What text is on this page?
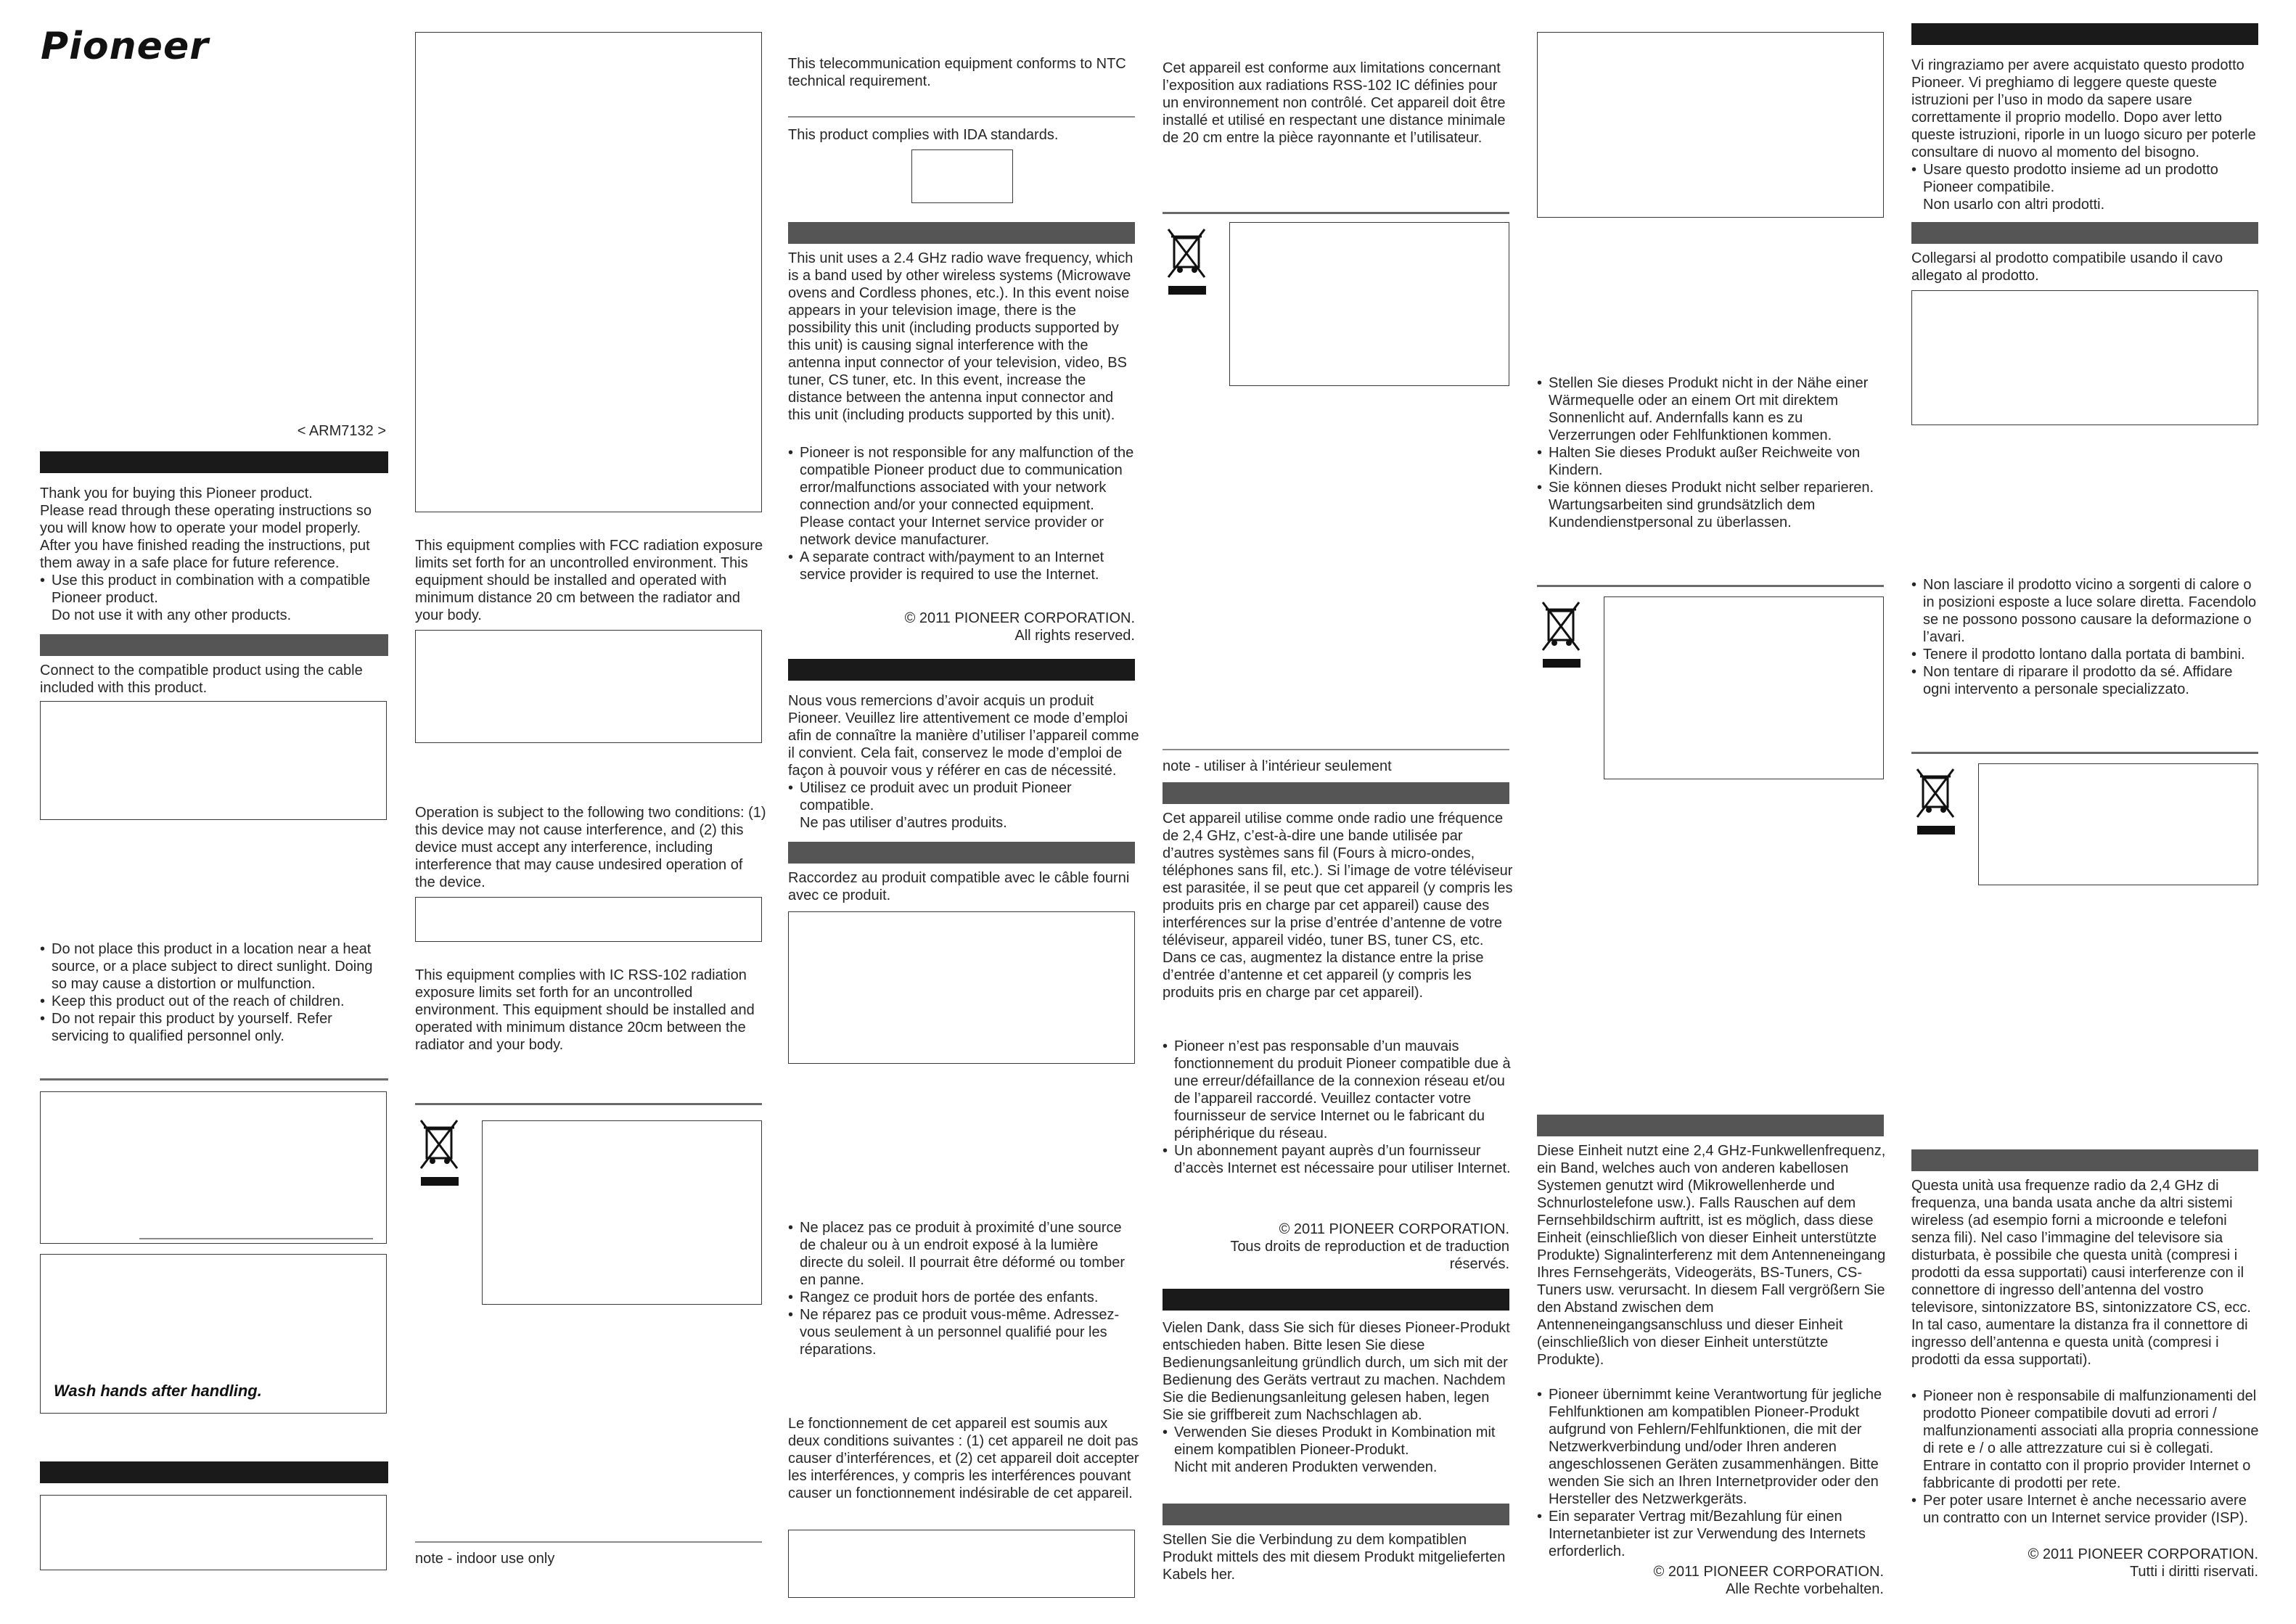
Pioneer
< ARM7132 >

Thank you for buying this Pioneer product.

Please read through these operating instructions so you will know how to operate your model properly.

After you have finished reading the instructions, put them away in a safe place for future reference.

• Use this product in combination with a compatible Pioneer product.
Do not use it with any other products.
Connect to the compatible product using the cable included with this product.
• Do not place this product in a location near a heat source, or a place subject to direct sunlight. Doing so may cause a distortion or mulfunction.
• Keep this product out of the reach of children.
• Do not repair this product by yourself. Refer servicing to qualified personnel only.
Wash hands after handling.
This equipment complies with FCC radiation exposure limits set forth for an uncontrolled environment. This equipment should be installed and operated with minimum distance 20 cm between the radiator and your body.
Operation is subject to the following two conditions: (1) this device may not cause interference, and (2) this device must accept any interference, including interference that may cause undesired operation of the device.
This equipment complies with IC RSS-102 radiation exposure limits set forth for an uncontrolled environment. This equipment should be installed and operated with minimum distance 20cm between the radiator and your body.
note - indoor use only
This telecommunication equipment conforms to NTC technical requirement.
This product complies with IDA standards.
This unit uses a 2.4 GHz radio wave frequency, which is a band used by other wireless systems (Microwave ovens and Cordless phones, etc.). In this event noise appears in your television image, there is the possibility this unit (including products supported by this unit) is causing signal interference with the antenna input connector of your television, video, BS tuner, CS tuner, etc. In this event, increase the distance between the antenna input connector and this unit (including products supported by this unit).
• Pioneer is not responsible for any malfunction of the compatible Pioneer product due to communication error/malfunctions associated with your network connection and/or your connected equipment. Please contact your Internet service provider or network device manufacturer.
• A separate contract with/payment to an Internet service provider is required to use the Internet.

© 2011 PIONEER CORPORATION.

All rights reserved.

Nous vous remercions d’avoir acquis un produit Pioneer. Veuillez lire attentivement ce mode d’emploi afin de connaître la manière d’utiliser l’appareil comme il convient. Cela fait, conservez le mode d’emploi de façon à pouvoir vous y référer en cas de nécessité.

• Utilisez ce produit avec un produit Pioneer compatible.
Ne pas utiliser d’autres produits.
Raccordez au produit compatible avec le câble fourni avec ce produit.
• Ne placez pas ce produit à proximité d’une source de chaleur ou à un endroit exposé à la lumière directe du soleil. Il pourrait être déformé ou tomber en panne.
• Rangez ce produit hors de portée des enfants.
• Ne réparez pas ce produit vous-même. Adressez-vous seulement à un personnel qualifié pour les réparations.
Le fonctionnement de cet appareil est soumis aux deux conditions suivantes : (1) cet appareil ne doit pas causer d’interférences, et (2) cet appareil doit accepter les interférences, y compris les interférences pouvant causer un fonctionnement indésirable de cet appareil.
Cet appareil est conforme aux limitations concernant l’exposition aux radiations RSS-102 IC définies pour un environnement non contrôlé. Cet appareil doit être installé et utilisé en respectant une distance minimale de 20 cm entre la pièce rayonnante et l’utilisateur.
note - utiliser à l’intérieur seulement
Cet appareil utilise comme onde radio une fréquence de 2,4 GHz, c’est-à-dire une bande utilisée par d’autres systèmes sans fil (Fours à micro-ondes, téléphones sans fil, etc.). Si l’image de votre téléviseur est parasitée, il se peut que cet appareil (y compris les produits pris en charge par cet appareil) cause des interférences sur la prise d’entrée d’antenne de votre téléviseur, appareil vidéo, tuner BS, tuner CS, etc. Dans ce cas, augmentez la distance entre la prise d’entrée d’antenne et cet appareil (y compris les produits pris en charge par cet appareil).
• Pioneer n’est pas responsable d’un mauvais fonctionnement du produit Pioneer compatible due à une erreur/défaillance de la connexion réseau et/ou de l’appareil raccordé. Veuillez contacter votre fournisseur de service Internet ou le fabricant du périphérique du réseau.
• Un abonnement payant auprès d’un fournisseur d’accès Internet est nécessaire pour utiliser Internet.

© 2011 PIONEER CORPORATION.

Tous droits de reproduction et de traduction réservés.

Vielen Dank, dass Sie sich für dieses Pioneer-Produkt entschieden haben. Bitte lesen Sie diese Bedienungsanleitung gründlich durch, um sich mit der Bedienung des Geräts vertraut zu machen. Nachdem Sie die Bedienungsanleitung gelesen haben, legen Sie sie griffbereit zum Nachschlagen ab.

• Verwenden Sie dieses Produkt in Kombination mit einem kompatiblen Pioneer-Produkt.
Nicht mit anderen Produkten verwenden.
Stellen Sie die Verbindung zu dem kompatiblen Produkt mittels des mit diesem Produkt mitgelieferten Kabels her.
• Stellen Sie dieses Produkt nicht in der Nähe einer Wärmequelle oder an einem Ort mit direktem Sonnenlicht auf. Andernfalls kann es zu Verzerrungen oder Fehlfunktionen kommen.
• Halten Sie dieses Produkt außer Reichweite von Kindern.
• Sie können dieses Produkt nicht selber reparieren. Wartungsarbeiten sind grundsätzlich dem Kundendienstpersonal zu überlassen.
Diese Einheit nutzt eine 2,4 GHz-Funkwellenfrequenz, ein Band, welches auch von anderen kabellosen Systemen genutzt wird (Mikrowellenherde und Schnurlostelefone usw.). Falls Rauschen auf dem Fernsehbildschirm auftritt, ist es möglich, dass diese Einheit (einschließlich von dieser Einheit unterstützte Produkte) Signalinterferenz mit dem Antenneneingang Ihres Fernsehgeräts, Videogeräts, BS-Tuners, CS-Tuners usw. verursacht. In diesem Fall vergrößern Sie den Abstand zwischen dem Antenneneingangsanschluss und dieser Einheit (einschließlich von dieser Einheit unterstützte Produkte).
• Pioneer übernimmt keine Verantwortung für jegliche Fehlfunktionen am kompatiblen Pioneer-Produkt aufgrund von Fehlern/Fehlfunktionen, die mit der Netzwerkverbindung und/oder Ihren anderen angeschlossenen Geräten zusammenhängen. Bitte wenden Sie sich an Ihren Internetprovider oder den Hersteller des Netzwerkgeräts.
• Ein separater Vertrag mit/Bezahlung für einen Internetanbieter ist zur Verwendung des Internets erforderlich.

© 2011 PIONEER CORPORATION.

Alle Rechte vorbehalten.

Vi ringraziamo per avere acquistato questo prodotto Pioneer. Vi preghiamo di leggere queste queste istruzioni per l’uso in modo da sapere usare correttamente il proprio modello. Dopo aver letto queste istruzioni, riporle in un luogo sicuro per poterle consultare di nuovo al momento del bisogno.

• Usare questo prodotto insieme ad un prodotto Pioneer compatibile.
Non usarlo con altri prodotti.
Collegarsi al prodotto compatibile usando il cavo allegato al prodotto.
• Non lasciare il prodotto vicino a sorgenti di calore o in posizioni esposte a luce solare diretta. Facendolo se ne possono possono causare la deformazione o l’avari.
• Tenere il prodotto lontano dalla portata di bambini.
• Non tentare di riparare il prodotto da sé. Affidare ogni intervento a personale specializzato.
Questa unità usa frequenze radio da 2,4 GHz di frequenza, una banda usata anche da altri sistemi wireless (ad esempio forni a microonde e telefoni senza fili). Nel caso l’immagine del televisore sia disturbata, è possibile che questa unità (compresi i prodotti da essa supportati) causi interferenze con il connettore di ingresso dell’antenna del vostro televisore, sintonizzatore BS, sintonizzatore CS, ecc. In tal caso, aumentare la distanza fra il connettore di ingresso dell’antenna e questa unità (compresi i prodotti da essa supportati).
• Pioneer non è responsabile di malfunzionamenti del prodotto Pioneer compatibile dovuti ad errori / malfunzionamenti associati alla propria connessione di rete e / o alle attrezzature cui si è collegati. Entrare in contatto con il proprio provider Internet o fabbricante di prodotti per rete.
• Per poter usare Internet è anche necessario avere un contratto con un Internet service provider (ISP).

© 2011 PIONEER CORPORATION.

Tutti i diritti riservati.
